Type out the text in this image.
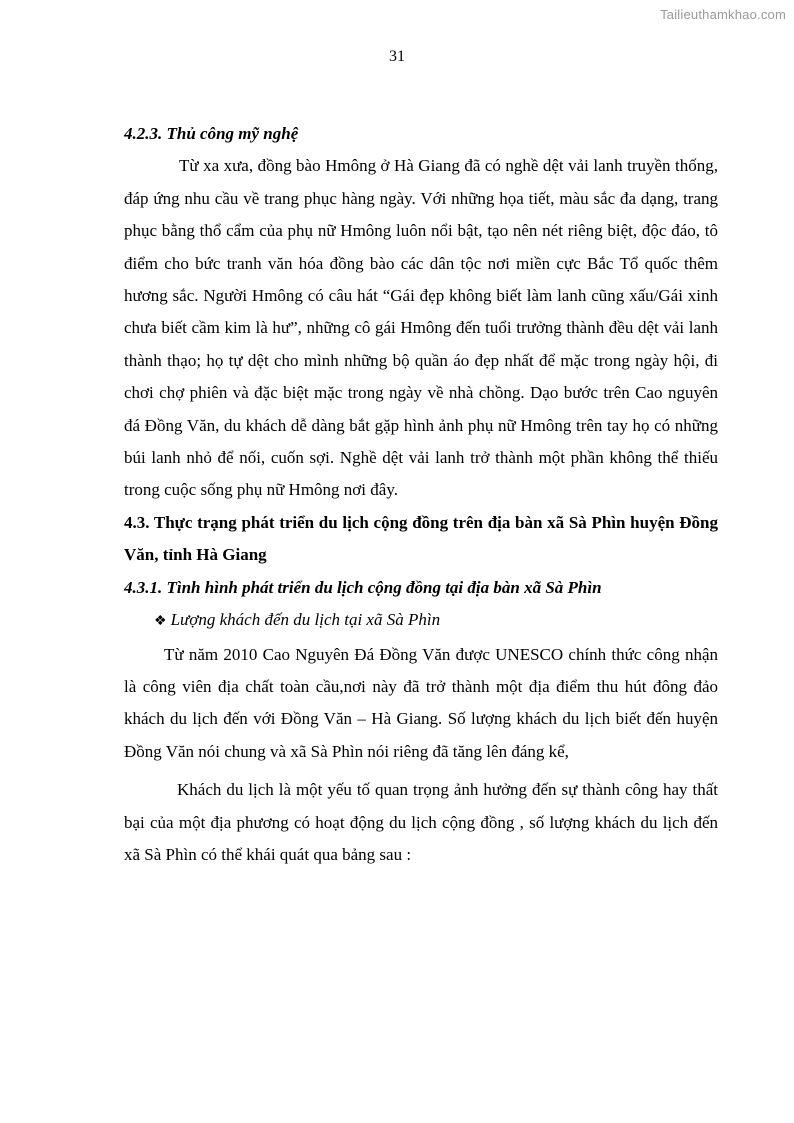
Tailieuthamkhao.com
31
4.2.3. Thủ công mỹ nghệ

Từ xa xưa, đồng bào Hmông ở Hà Giang đã có nghề dệt vải lanh truyền thống, đáp ứng nhu cầu về trang phục hàng ngày. Với những họa tiết, màu sắc đa dạng, trang phục bằng thổ cẩm của phụ nữ Hmông luôn nổi bật, tạo nên nét riêng biệt, độc đáo, tô điểm cho bức tranh văn hóa đồng bào các dân tộc nơi miền cực Bắc Tổ quốc thêm hương sắc. Người Hmông có câu hát “Gái đẹp không biết làm lanh cũng xấu/Gái xinh chưa biết cầm kim là hư”, những cô gái Hmông đến tuổi trưởng thành đều dệt vải lanh thành thạo; họ tự dệt cho mình những bộ quần áo đẹp nhất để mặc trong ngày hội, đi chơi chợ phiên và đặc biệt mặc trong ngày về nhà chồng. Dạo bước trên Cao nguyên đá Đồng Văn, du khách dễ dàng bắt gặp hình ảnh phụ nữ Hmông trên tay họ có những búi lanh nhỏ để nối, cuốn sợi. Nghề dệt vải lanh trở thành một phần không thể thiếu trong cuộc sống phụ nữ Hmông nơi đây.

4.3. Thực trạng phát triển du lịch cộng đồng trên địa bàn xã Sà Phìn huyện Đồng Văn, tỉnh Hà Giang
4.3.1. Tình hình phát triển du lịch cộng đồng tại địa bàn xã Sà Phìn
❖ Lượng khách đến du lịch tại xã Sà Phìn

Từ năm 2010 Cao Nguyên Đá Đồng Văn được UNESCO chính thức công nhận là công viên địa chất toàn cầu,nơi này đã trở thành một địa điểm thu hút đông đảo khách du lịch đến với Đồng Văn – Hà Giang. Số lượng khách du lịch biết đến huyện Đồng Văn nói chung và xã Sà Phìn nói riêng đã tăng lên đáng kể,

Khách du lịch là một yếu tố quan trọng ảnh hưởng đến sự thành công hay thất bại của một địa phương có hoạt động du lịch cộng đồng , số lượng khách du lịch đến xã Sà Phìn có thể khái quát qua bảng sau :
